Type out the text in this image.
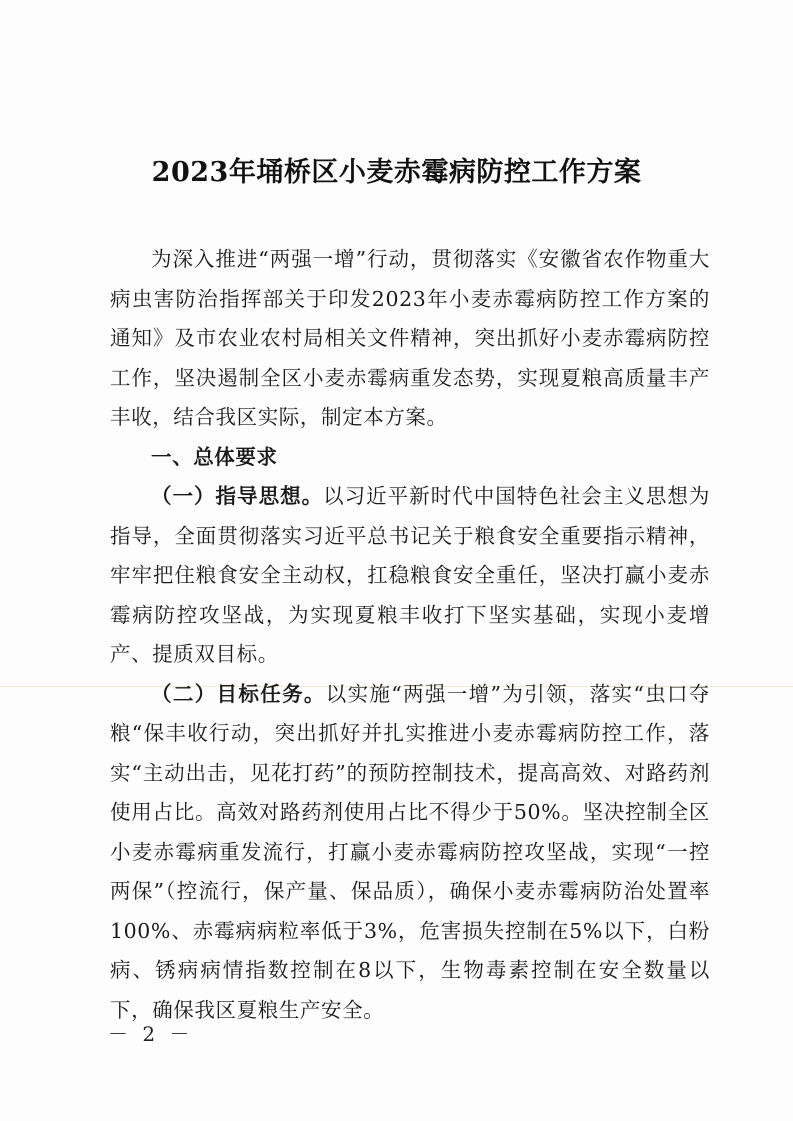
2023年埇桥区小麦赤霉病防控工作方案

为深入推进“两强一增”行动，贯彻落实《安徽省农作物重大病虫害防治指挥部关于印发2023年小麦赤霉病防控工作方案的通知》及市农业农村局相关文件精神，突出抓好小麦赤霉病防控工作，坚决遏制全区小麦赤霉病重发态势，实现夏粮高质量丰产丰收，结合我区实际，制定本方案。

一、总体要求

（一）指导思想。以习近平新时代中国特色社会主义思想为指导，全面贯彻落实习近平总书记关于粮食安全重要指示精神，牢牢把住粮食安全主动权，扛稳粮食安全重任，坚决打赢小麦赤霉病防控攻坚战，为实现夏粮丰收打下坚实基础，实现小麦增产、提质双目标。

（二）目标任务。以实施“两强一增”为引领，落实“虫口夺粮“保丰收行动，突出抓好并扎实推进小麦赤霉病防控工作，落实“主动出击，见花打药”的预防控制技术，提高高效、对路药剂使用占比。高效对路药剂使用占比不得少于50%。坚决控制全区小麦赤霉病重发流行，打赢小麦赤霉病防控攻坚战，实现“一控两保”（控流行，保产量、保品质），确保小麦赤霉病防治处置率100%、赤霉病病粒率低于3%，危害损失控制在5%以下，白粉病、锈病病情指数控制在8以下，生物毒素控制在安全数量以下，确保我区夏粮生产安全。

－ 2 －
